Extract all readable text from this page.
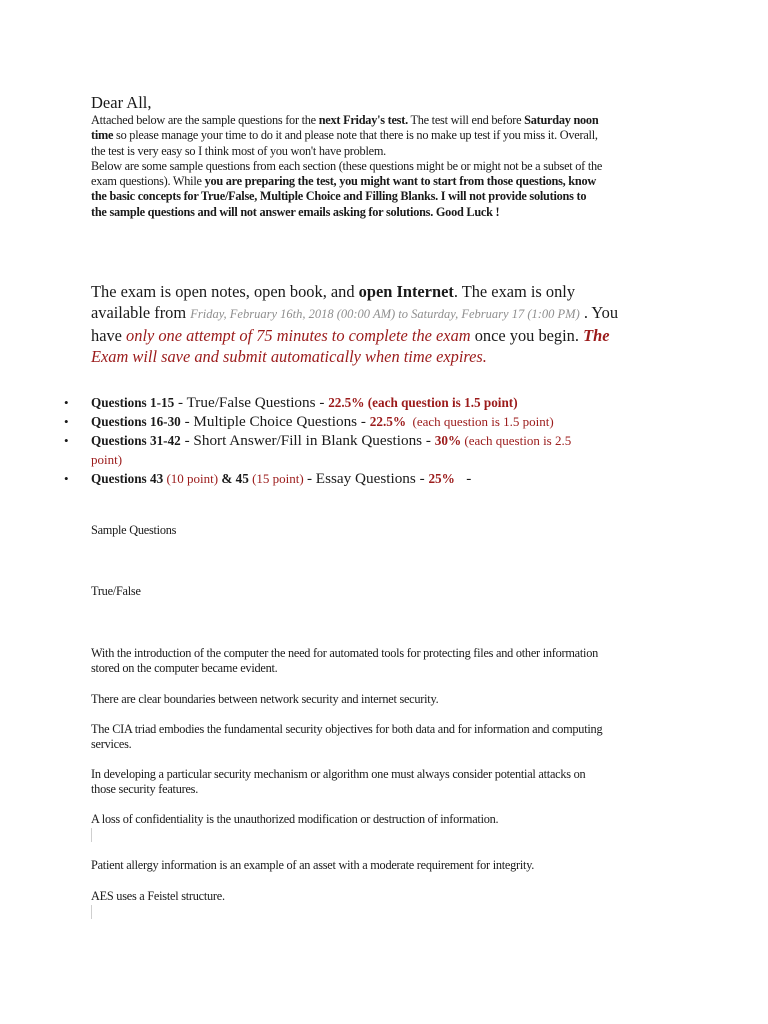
Dear All,
Attached below are the sample questions for the next Friday's test. The test will end before Saturday noon
time so please manage your time to do it and please note that there is no make up test if you miss it. Overall,
the test is very easy so I think most of you won't have problem.
Below are some sample questions from each section (these questions might be or might not be a subset of the
exam questions). While you are preparing the test, you might want to start from those questions, know
the basic concepts for True/False, Multiple Choice and Filling Blanks. I will not provide solutions to
the sample questions and will not answer emails asking for solutions. Good Luck !
The exam is open notes, open book, and open Internet. The exam is only
available from Friday, February 16th, 2018 (00:00 AM) to Saturday, February 17 (1:00 PM) . You
have only one attempt of 75 minutes to complete the exam once you begin. The
Exam will save and submit automatically when time expires.
• Questions 1-15 - True/False Questions - 22.5% (each question is 1.5 point)
• Questions 16-30 - Multiple Choice Questions - 22.5%  (each question is 1.5 point)
• Questions 31-42 - Short Answer/Fill in Blank Questions - 30% (each question is 2.5
point)
• Questions 43 (10 point) & 45 (15 point) - Essay Questions - 25%   -
Sample Questions
True/False
With the introduction of the computer the need for automated tools for protecting files and other information
stored on the computer became evident.
There are clear boundaries between network security and internet security.
The CIA triad embodies the fundamental security objectives for both data and for information and computing
services.
In developing a particular security mechanism or algorithm one must always consider potential attacks on
those security features.
A loss of confidentiality is the unauthorized modification or destruction of information.
Patient allergy information is an example of an asset with a moderate requirement for integrity.
AES uses a Feistel structure.
